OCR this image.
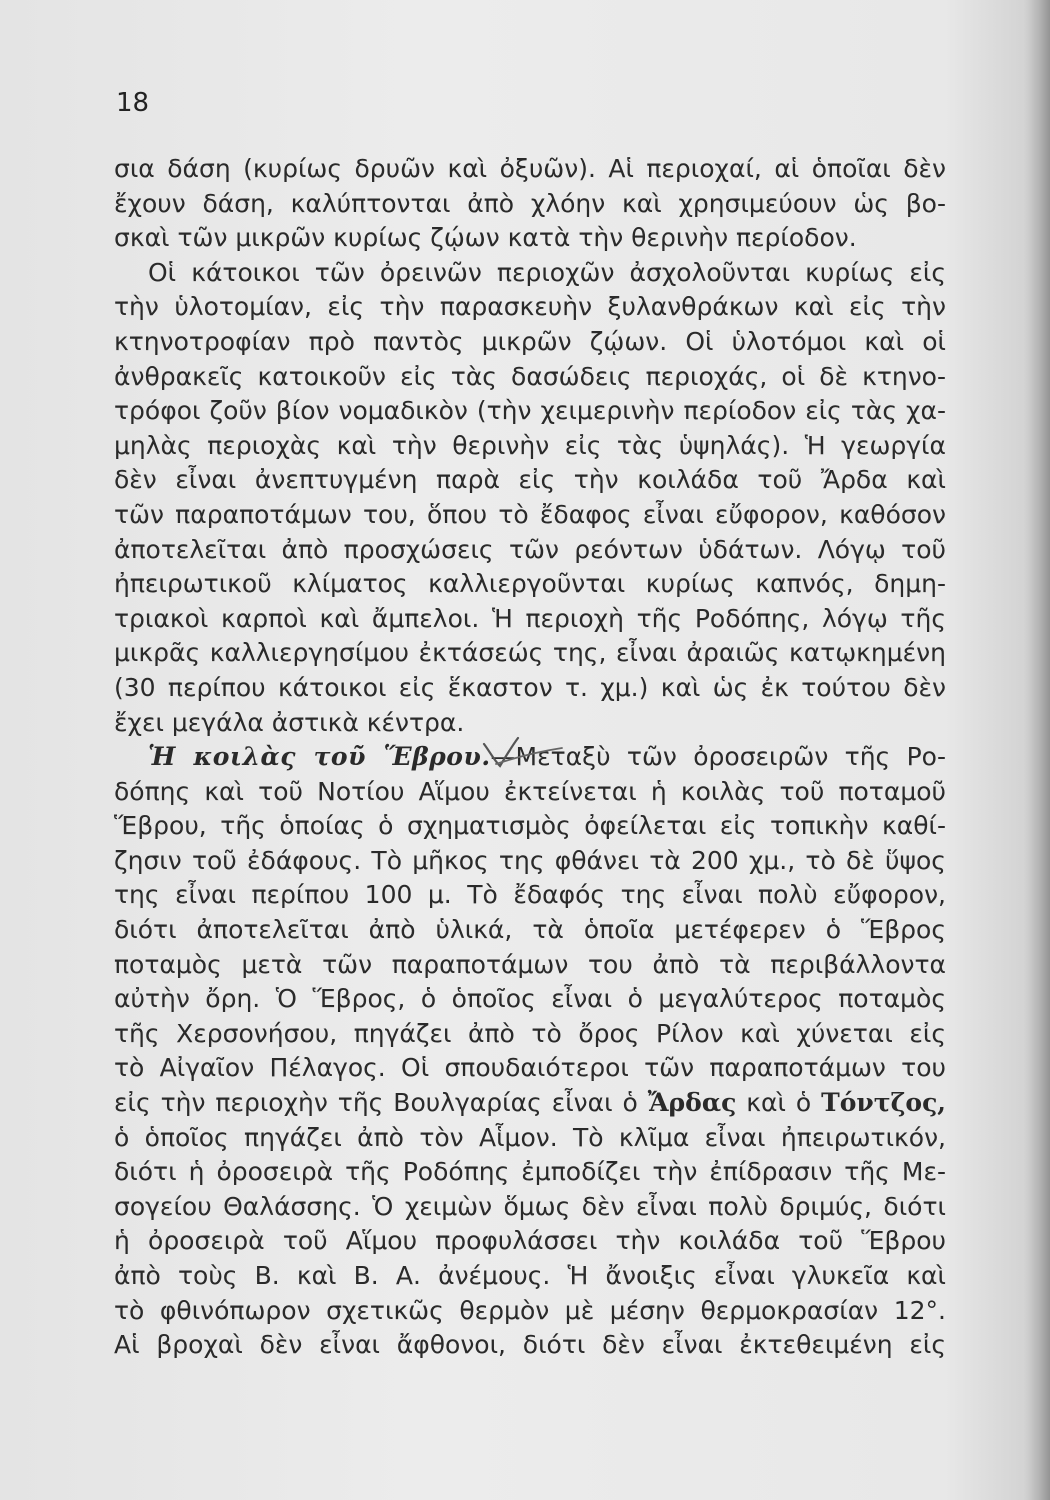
18

σια δάση (κυρίως δρυῶν καὶ ὀξυῶν). Αἱ περιοχαί, αἱ ὁποῖαι δὲν
ἔχουν δάση, καλύπτονται ἀπὸ χλόην καὶ χρησιμεύουν ὡς βο-
σκαὶ τῶν μικρῶν κυρίως ζῴων κατὰ τὴν θερινὴν περίοδον.
Οἱ κάτοικοι τῶν ὀρεινῶν περιοχῶν ἀσχολοῦνται κυρίως εἰς
τὴν ὑλοτομίαν, εἰς τὴν παρασκευὴν ξυλανθράκων καὶ εἰς τὴν
κτηνοτροφίαν πρὸ παντὸς μικρῶν ζῴων. Οἱ ὑλοτόμοι καὶ οἱ
ἀνθρακεῖς κατοικοῦν εἰς τὰς δασώδεις περιοχάς, οἱ δὲ κτηνο-
τρόφοι ζοῦν βίον νομαδικὸν (τὴν χειμερινὴν περίοδον εἰς τὰς χα-
μηλὰς περιοχὰς καὶ τὴν θερινὴν εἰς τὰς ὑψηλάς). Ἡ γεωργία
δὲν εἶναι ἀνεπτυγμένη παρὰ εἰς τὴν κοιλάδα τοῦ Ἄρδα καὶ
τῶν παραποτάμων του, ὅπου τὸ ἔδαφος εἶναι εὔφορον, καθόσον
ἀποτελεῖται ἀπὸ προσχώσεις τῶν ρεόντων ὑδάτων. Λόγῳ τοῦ
ἠπειρωτικοῦ κλίματος καλλιεργοῦνται κυρίως καπνός, δημη-
τριακοὶ καρποὶ καὶ ἄμπελοι. Ἡ περιοχὴ τῆς Ροδόπης, λόγῳ τῆς
μικρᾶς καλλιεργησίμου ἐκτάσεώς της, εἶναι ἀραιῶς κατῳκημένη
(30 περίπου κάτοικοι εἰς ἕκαστον τ. χμ.) καὶ ὡς ἐκ τούτου δὲν
ἔχει μεγάλα ἀστικὰ κέντρα.
Ἡ κοιλὰς τοῦ Ἕβρου.—Μεταξὺ τῶν ὀροσειρῶν τῆς Ρο-
δόπης καὶ τοῦ Νοτίου Αἵμου ἐκτείνεται ἡ κοιλὰς τοῦ ποταμοῦ
Ἕβρου, τῆς ὁποίας ὁ σχηματισμὸς ὀφείλεται εἰς τοπικὴν καθί-
ζησιν τοῦ ἐδάφους. Τὸ μῆκος της φθάνει τὰ 200 χμ., τὸ δὲ ὕψος
της εἶναι περίπου 100 μ. Τὸ ἔδαφός της εἶναι πολὺ εὔφορον,
διότι ἀποτελεῖται ἀπὸ ὑλικά, τὰ ὁποῖα μετέφερεν ὁ Ἕβρος
ποταμὸς μετὰ τῶν παραποτάμων του ἀπὸ τὰ περιβάλλοντα
αὐτὴν ὄρη. Ὁ Ἕβρος, ὁ ὁποῖος εἶναι ὁ μεγαλύτερος ποταμὸς
τῆς Χερσονήσου, πηγάζει ἀπὸ τὸ ὄρος Ρίλον καὶ χύνεται εἰς
τὸ Αἰγαῖον Πέλαγος. Οἱ σπουδαιότεροι τῶν παραποτάμων του
εἰς τὴν περιοχὴν τῆς Βουλγαρίας εἶναι ὁ Ἄρδας καὶ ὁ Τόντζος,
ὁ ὁποῖος πηγάζει ἀπὸ τὸν Αἷμον. Τὸ κλῖμα εἶναι ἠπειρωτικόν,
διότι ἡ ὀροσειρὰ τῆς Ροδόπης ἐμποδίζει τὴν ἐπίδρασιν τῆς Με-
σογείου Θαλάσσης. Ὁ χειμὼν ὅμως δὲν εἶναι πολὺ δριμύς, διότι
ἡ ὀροσειρὰ τοῦ Αἵμου προφυλάσσει τὴν κοιλάδα τοῦ Ἕβρου
ἀπὸ τοὺς Β. καὶ Β. Α. ἀνέμους. Ἡ ἄνοιξις εἶναι γλυκεῖα καὶ
τὸ φθινόπωρον σχετικῶς θερμὸν μὲ μέσην θερμοκρασίαν 12°.
Αἱ βροχαὶ δὲν εἶναι ἄφθονοι, διότι δὲν εἶναι ἐκτεθειμένη εἰς
